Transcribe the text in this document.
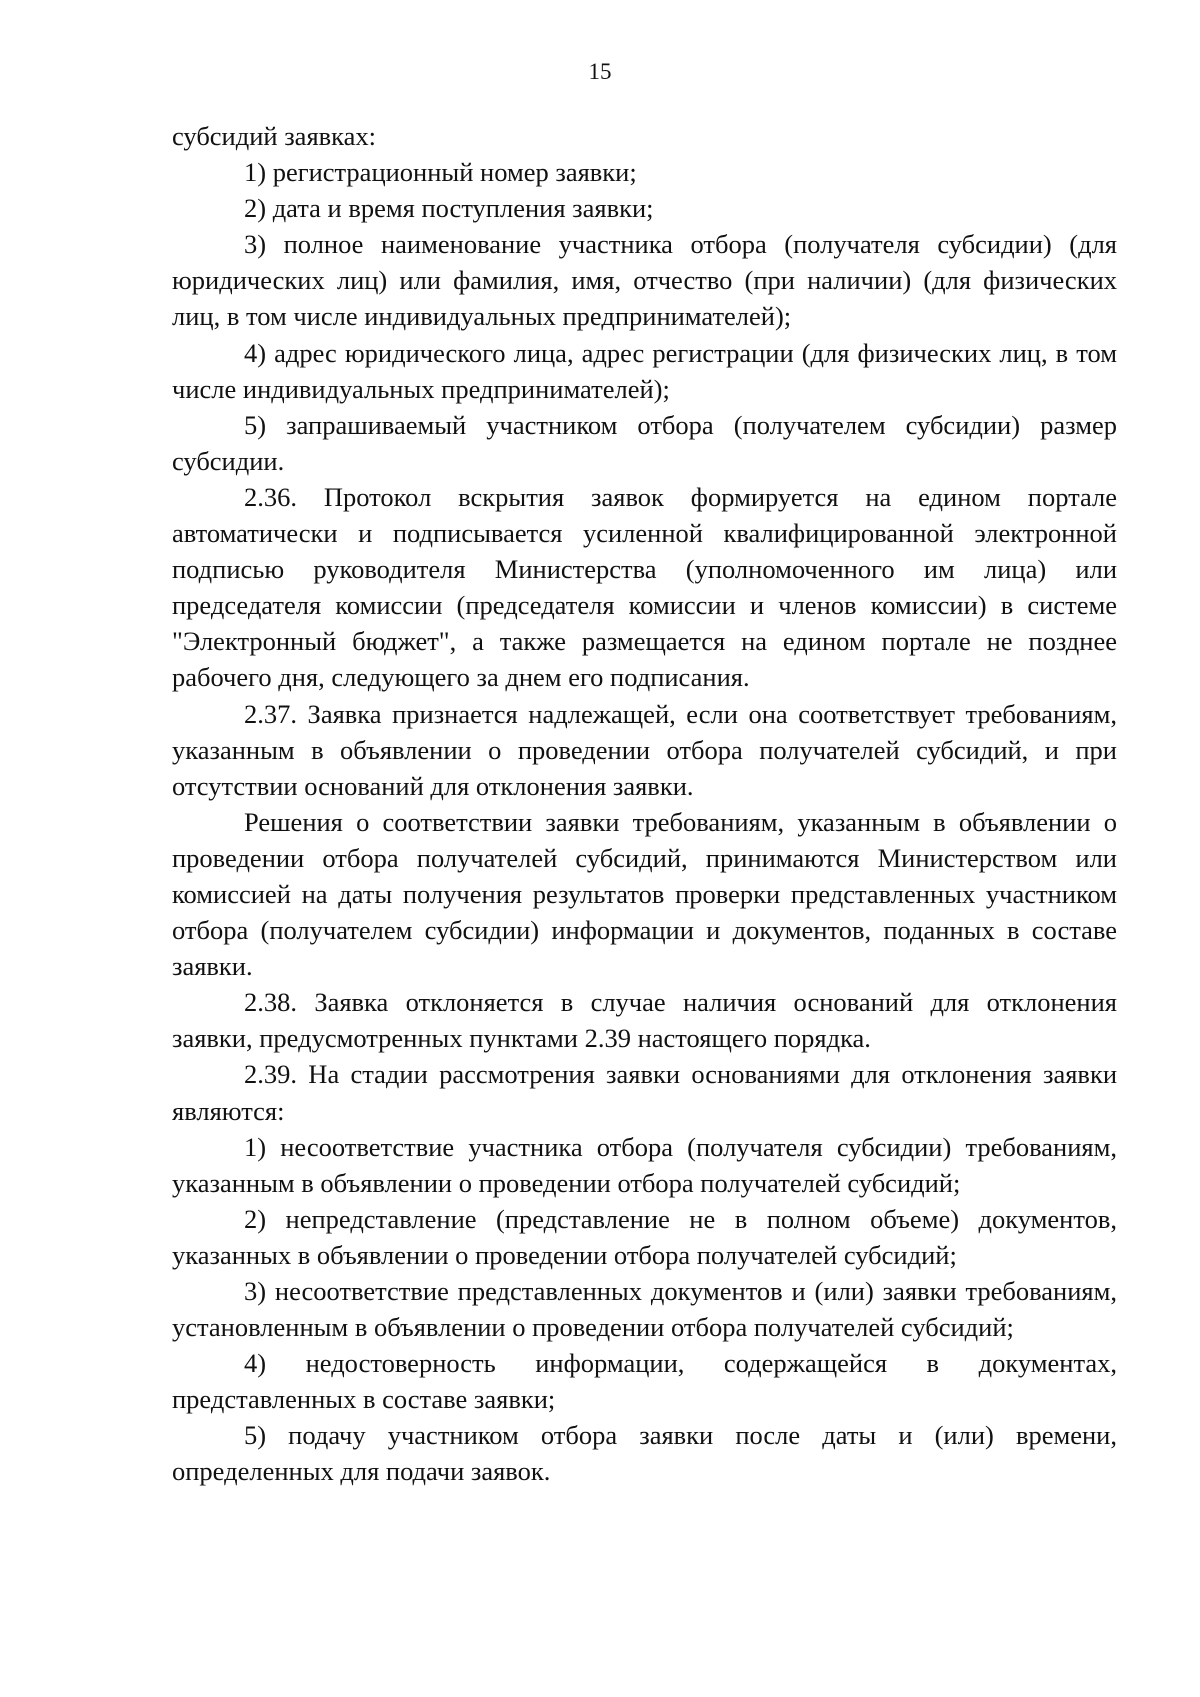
15

субсидий заявках:

1) регистрационный номер заявки;

2) дата и время поступления заявки;

3) полное наименование участника отбора (получателя субсидии) (для юридических лиц) или фамилия, имя, отчество (при наличии) (для физических лиц, в том числе индивидуальных предпринимателей);

4) адрес юридического лица, адрес регистрации (для физических лиц, в том числе индивидуальных предпринимателей);

5) запрашиваемый участником отбора (получателем субсидии) размер субсидии.

2.36. Протокол вскрытия заявок формируется на едином портале автоматически и подписывается усиленной квалифицированной электронной подписью руководителя Министерства (уполномоченного им лица) или председателя комиссии (председателя комиссии и членов комиссии) в системе "Электронный бюджет", а также размещается на едином портале не позднее рабочего дня, следующего за днем его подписания.

2.37. Заявка признается надлежащей, если она соответствует требованиям, указанным в объявлении о проведении отбора получателей субсидий, и при отсутствии оснований для отклонения заявки.

Решения о соответствии заявки требованиям, указанным в объявлении о проведении отбора получателей субсидий, принимаются Министерством или комиссией на даты получения результатов проверки представленных участником отбора (получателем субсидии) информации и документов, поданных в составе заявки.

2.38. Заявка отклоняется в случае наличия оснований для отклонения заявки, предусмотренных пунктами 2.39 настоящего порядка.

2.39. На стадии рассмотрения заявки основаниями для отклонения заявки являются:

1) несоответствие участника отбора (получателя субсидии) требованиям, указанным в объявлении о проведении отбора получателей субсидий;

2) непредставление (представление не в полном объеме) документов, указанных в объявлении о проведении отбора получателей субсидий;

3) несоответствие представленных документов и (или) заявки требованиям, установленным в объявлении о проведении отбора получателей субсидий;

4) недостоверность информации, содержащейся в документах, представленных в составе заявки;

5) подачу участником отбора заявки после даты и (или) времени, определенных для подачи заявок.
